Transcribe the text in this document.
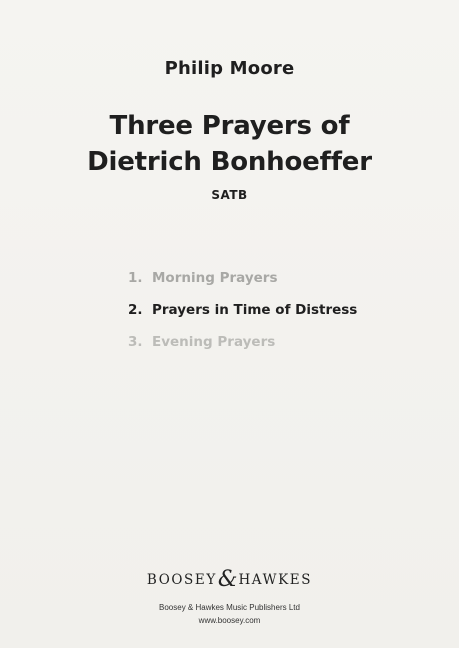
Philip Moore
Three Prayers of
Dietrich Bonhoeffer
SATB
1. Morning Prayers
2. Prayers in Time of Distress
3. Evening Prayers
BOOSEY&HAWKES
Boosey & Hawkes Music Publishers Ltd
www.boosey.com
